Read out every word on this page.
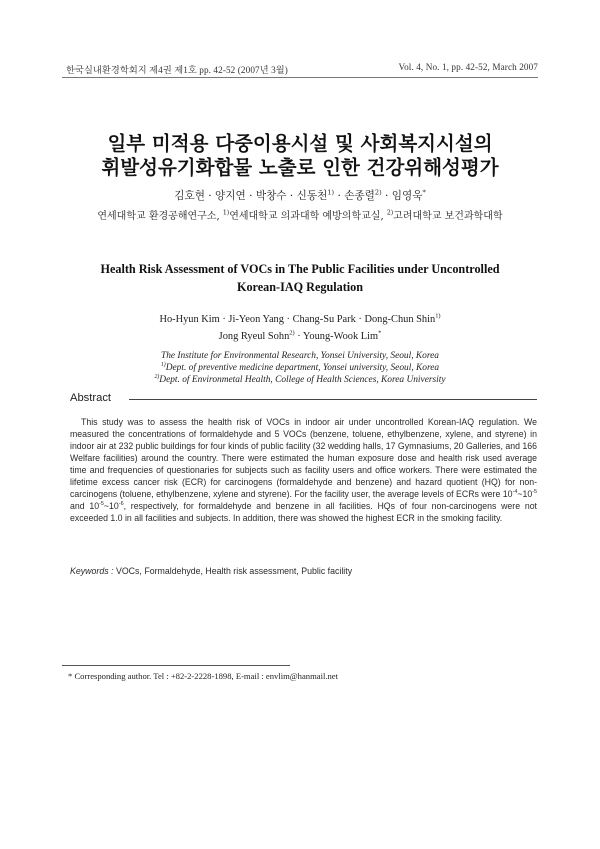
한국실내환경학회지 제4권 제1호 pp. 42-52 (2007년 3월)	Vol. 4, No. 1, pp. 42-52, March 2007
일부 미적용 다중이용시설 및 사회복지시설의
휘발성유기화합물 노출로 인한 건강위해성평가
김호현 · 양지연 · 박창수 · 신동천$^{1)}$ · 손종렬$^{2)}$ · 임영욱*
연세대학교 환경공해연구소, $^{1)}$연세대학교 의과대학 예방의학교실, $^{2)}$고려대학교 보건과학대학
Health Risk Assessment of VOCs in The Public Facilities under Uncontrolled
Korean-IAQ Regulation
Ho-Hyun Kim · Ji-Yeon Yang · Chang-Su Park · Dong-Chun Shin$^{1)}$
Jong Ryeul Sohn$^{2)}$ · Young-Wook Lim*
The Institute for Environmental Research, Yonsei University, Seoul, Korea
$^{1)}$Dept. of preventive medicine department, Yonsei university, Seoul, Korea
$^{2)}$Dept. of Environmetal Health, College of Health Sciences, Korea University
Abstract

This study was to assess the health risk of VOCs in indoor air under uncontrolled Korean-IAQ regulation. We measured the concentrations of formaldehyde and 5 VOCs (benzene, toluene, ethylbenzene, xylene, and styrene) in indoor air at 232 public buildings for four kinds of public facility (32 wedding halls, 17 Gymnasiums, 20 Galleries, and 166 Welfare facilities) around the country. There were estimated the human exposure dose and health risk used average time and frequencies of questionaries for subjects such as facility users and office workers. There were estimated the lifetime excess cancer risk (ECR) for carcinogens (formaldehyde and benzene) and hazard quotient (HQ) for non-carcinogens (toluene, ethylbenzene, xylene and styrene). For the facility user, the average levels of ECRs were $10^{-4}\sim 10^{-5}$ and $10^{-5}\sim 10^{-6}$, respectively, for formaldehyde and benzene in all facilities. HQs of four non-carcinogens were not exceeded 1.0 in all facilities and subjects. In addition, there was showed the highest ECR in the smoking facility.

Keywords : VOCs, Formaldehyde, Health risk assessment, Public facility
* Corresponding author. Tel : +82-2-2228-1898, E-mail : envlim@hanmail.net
